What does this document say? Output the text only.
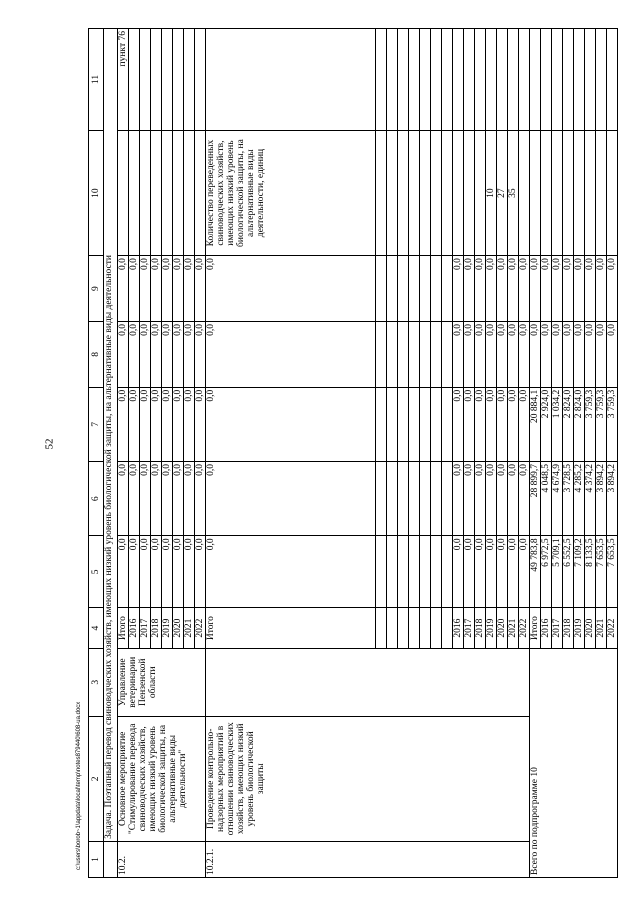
52
c:\users\borob~1\appdata\local\temp\notes879440\608-ua.docx 1	2	3	4	5	6	7	8	9	10	11
	Задача. Поэтапный перевод свиноводческих хозяйств, имеющих низкий уровень биологической защиты, на альтернативные виды деятельности									
10.2.	Основное мероприятие "Стимулирование перевода свиноводческих хозяйств, имеющих низкий уровень биологической защиты, на альтернативные виды деятельности"	Управление ветеринарии Пензенской области	Итого	0,0	0,0	0,0	0,0	0,0		пункт 76
			2016	0,0	0,0	0,0	0,0	0,0		
			2017	0,0	0,0	0,0	0,0	0,0		
			2018	0,0	0,0	0,0	0,0	0,0		
			2019	0,0	0,0	0,0	0,0	0,0		
			2020	0,0	0,0	0,0	0,0	0,0		
			2021	0,0	0,0	0,0	0,0	0,0		
			2022	0,0	0,0	0,0	0,0	0,0		
10.2.1.	Проведение контрольно-надзорных мероприятий в отношении свиноводческих хозяйств, имеющих низкий уровень биологической защиты		Итого	0,0	0,0	0,0	0,0	0,0	Количество переведенных свиноводческих хозяйств, имеющих низкий уровень биологической защиты, на альтернативные виды деятельности, единиц	

			2016	0,0	0,0	0,0	0,0	0,0		
			2017	0,0	0,0	0,0	0,0	0,0		
			2018	0,0	0,0	0,0	0,0	0,0		
			2019	0,0	0,0	0,0	0,0	0,0	10	
			2020	0,0	0,0	0,0	0,0	0,0	27	
			2021	0,0	0,0	0,0	0,0	0,0	35	
			2022	0,0	0,0	0,0	0,0	0,0		
Всего по подпрограмме 10			Итого	49 783,8	28 899,7	20 884,1	0,0	0,0		
			2016	6 972,5	4 048,5	2 924,0	0,0	0,0		
			2017	5 709,1	4 674,9	1 034,2	0,0	0,0		
			2018	6 552,5	3 728,5	2 824,0	0,0	0,0		
			2019	7 109,2	4 285,2	2 824,0	0,0	0,0		
			2020	8 133,5	4 374,2	3 759,3	0,0	0,0		
			2021	7 653,5	3 894,2	3 759,3	0,0	0,0		
			2022	7 653,5	3 894,2	3 759,3	0,0	0,0		
